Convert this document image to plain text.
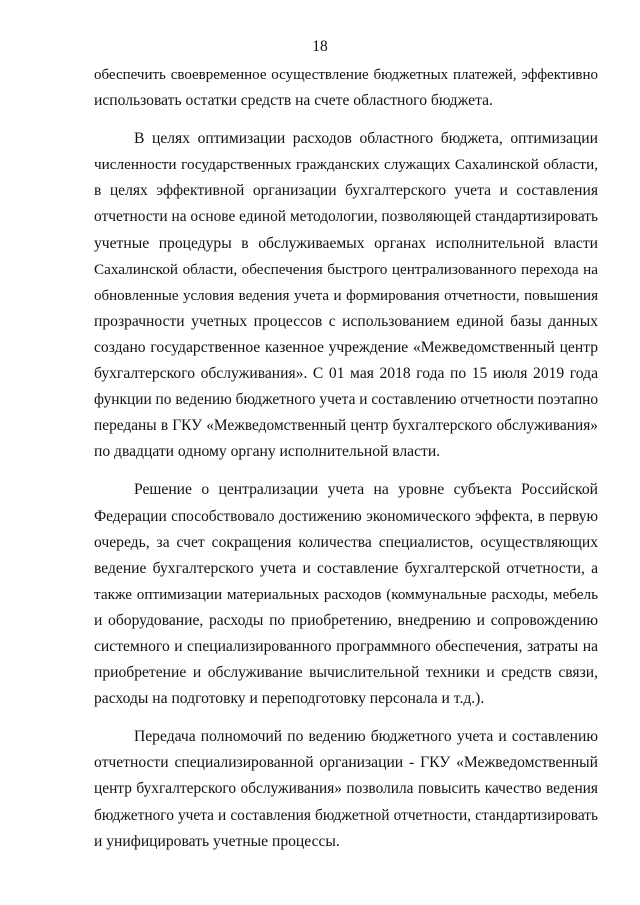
18
обеспечить своевременное осуществление бюджетных платежей, эффективно
использовать остатки средств на счете областного бюджета.
В целях оптимизации расходов областного бюджета, оптимизации
численности государственных гражданских служащих Сахалинской области,
в целях эффективной организации бухгалтерского учета и составления
отчетности на основе единой методологии, позволяющей стандартизировать
учетные процедуры в обслуживаемых органах исполнительной власти
Сахалинской области, обеспечения быстрого централизованного перехода на
обновленные условия ведения учета и формирования отчетности, повышения
прозрачности учетных процессов с использованием единой базы данных
создано государственное казенное учреждение «Межведомственный центр
бухгалтерского обслуживания». С 01 мая 2018 года по 15 июля 2019 года
функции по ведению бюджетного учета и составлению отчетности поэтапно
переданы в ГКУ «Межведомственный центр бухгалтерского обслуживания»
по двадцати одному органу исполнительной власти.
Решение о централизации учета на уровне субъекта Российской
Федерации способствовало достижению экономического эффекта, в первую
очередь, за счет сокращения количества специалистов, осуществляющих
ведение бухгалтерского учета и составление бухгалтерской отчетности, а
также оптимизации материальных расходов (коммунальные расходы, мебель
и оборудование, расходы по приобретению, внедрению и сопровождению
системного и специализированного программного обеспечения, затраты на
приобретение и обслуживание вычислительной техники и средств связи,
расходы на подготовку и переподготовку персонала и т.д.).
Передача полномочий по ведению бюджетного учета и составлению
отчетности специализированной организации - ГКУ «Межведомственный
центр бухгалтерского обслуживания» позволила повысить качество ведения
бюджетного учета и составления бюджетной отчетности, стандартизировать
и унифицировать учетные процессы.
